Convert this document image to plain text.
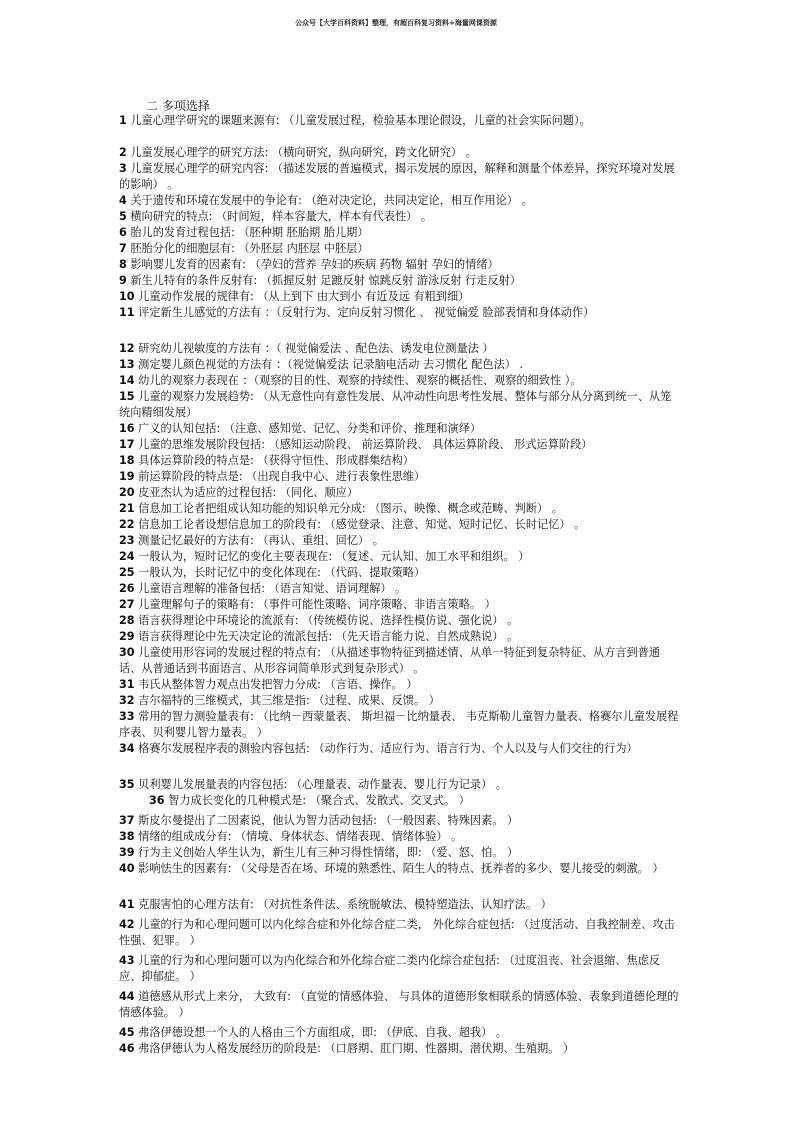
公众号【大学百科资料】整理，有超百科复习资料+海量网课资源
二 多项选择
1 儿童心理学研究的课题来源有: （儿童发展过程，检验基本理论假设，儿童的社会实际问题）。
2 儿童发展心理学的研究方法: （横向研究，纵向研究，跨文化研究） 。
3 儿童发展心理学的研究内容: （描述发展的普遍模式，揭示发展的原因，解释和测量个体差异，探究环境对发展的影响） 。
4 关于遗传和环境在发展中的争论有: （绝对决定论，共同决定论，相互作用论） 。
5 横向研究的特点: （时间短，样本容量大，样本有代表性） 。
6 胎儿的发育过程包括: （胚种期 胚胎期 胎儿期）
7 胚胎分化的细胞层有: （外胚层 内胚层 中胚层）
8 影响婴儿发育的因素有: （孕妇的营养 孕妇的疾病 药物 辐射 孕妇的情绪）
9 新生儿特有的条件反射有: （抓握反射 足蹠反射 惊跳反射 游泳反射 行走反射）
10 儿童动作发展的规律有: （从上到下 由大到小 有近及远 有粗到细）
11 评定新生儿感觉的方法有 ：（反射行为、定向反射习惯化 、 视觉偏爱 脸部表情和身体动作）
12 研究幼儿视敏度的方法有 ：（ 视觉偏爱法 、配色法、诱发电位测量法 ）
13 测定婴儿颜色视觉的方法有 ：（视觉偏爱法 记录脑电活动 去习惯化 配色法） .
14 幼儿的观察力表现在 ：（观察的目的性、观察的持续性、观察的概括性、观察的细致性 ）。
15 儿童的观察力发展趋势: （从无意性向有意性发展、从冲动性向思考性发展、整体与部分从分离到统一、从笼统向精细发展）
16 广义的认知包括: （注意、感知觉、记忆、分类和评价、推理和演绎）
17 儿童的思维发展阶段包括: （感知运动阶段、 前运算阶段、 具体运算阶段、 形式运算阶段）
18 具体运算阶段的特点是: （获得守恒性、形成群集结构）
19 前运算阶段的特点是: （出现自我中心、进行表象性思维）
20 皮亚杰认为适应的过程包括: （同化、顺应）
21 信息加工论者把组成认知功能的知识单元分成: （图示、映像、概念或范畴、判断） 。
22 信息加工论者设想信息加工的阶段有: （感觉登录、注意、知觉、短时记忆、长时记忆） 。
23 测量记忆最好的方法有: （再认、重组、回忆） 。
24 一般认为，短时记忆的变化主要表现在: （复述、元认知、加工水平和组织。 ）
25 一般认为，长时记忆中的变化体现在: （代码、提取策略）
26 儿童语言理解的准备包括: （语言知觉、语词理解） 。
27 儿童理解句子的策略有: （事件可能性策略、词序策略、非语言策略。 ）
28 语言获得理论中环境论的流派有: （传统模仿说、选择性模仿说、强化说） 。
29 语言获得理论中先天决定论的流派包括: （先天语言能力说、自然成熟说） 。
30 儿童使用形容词的发展过程的特点有: （从描述事物特征到描述情、从单一特征到复杂特征、从方言到普通话、从普通话到书面语言、从形容词简单形式到复杂形式） 。
31 韦氏从整体智力观点出发把智力分成: （言语、操作。 ）
32 吉尔福特的三维模式，其三维是指: （过程、成果、反馈。 ）
33 常用的智力测验量表有: （比纳－西蒙量表、 斯坦福－比纳量表、 韦克斯勒儿童智力量表、格赛尔儿童发展程序表、贝利婴儿智力量表。 ）
34 格赛尔发展程序表的测验内容包括: （动作行为、适应行为、语言行为、个人以及与人们交往的行为）
35 贝利婴儿发展量表的内容包括: （心理量表、动作量表、婴儿行为记录） 。
36 智力成长变化的几种模式是: （聚合式、发散式、交叉式。 ）
37 斯皮尔曼提出了二因素说，他认为智力活动包括: （一般因素、特殊因素。 ）
38 情绪的组成成分有: （情境、身体状态、情绪表现、情绪体验） 。
39 行为主义创始人华生认为，新生儿有三种习得性情绪，即: （爱、怒、怕。 ）
40 影响怯生的因素有: （父母是否在场、环境的熟悉性、陌生人的特点、抚养者的多少、婴儿接受的刺激。 ）
41 克服害怕的心理方法有: （对抗性条件法、系统脱敏法、模特塑造法、认知疗法。 ）
42 儿童的行为和心理问题可以内化综合症和外化综合症二类， 外化综合症包括: （过度活动、自我控制差、攻击性强、犯罪。 ）
43 儿童的行为和心理问题可以为内化综合和外化综合症二类内化综合症包括: （过度沮丧、社会退缩、焦虑反应、抑郁症。 ）
44 道德感从形式上来分， 大致有: （直觉的情感体验、 与具体的道德形象相联系的情感体验、表象到道德伦理的情感体验。 ）
45 弗洛伊德设想一个人的人格由三个方面组成，即: （伊底、自我、超我） 。
46 弗洛伊德认为人格发展经历的阶段是: （口唇期、肛门期、性器期、潜伏期、生殖期。 ）
